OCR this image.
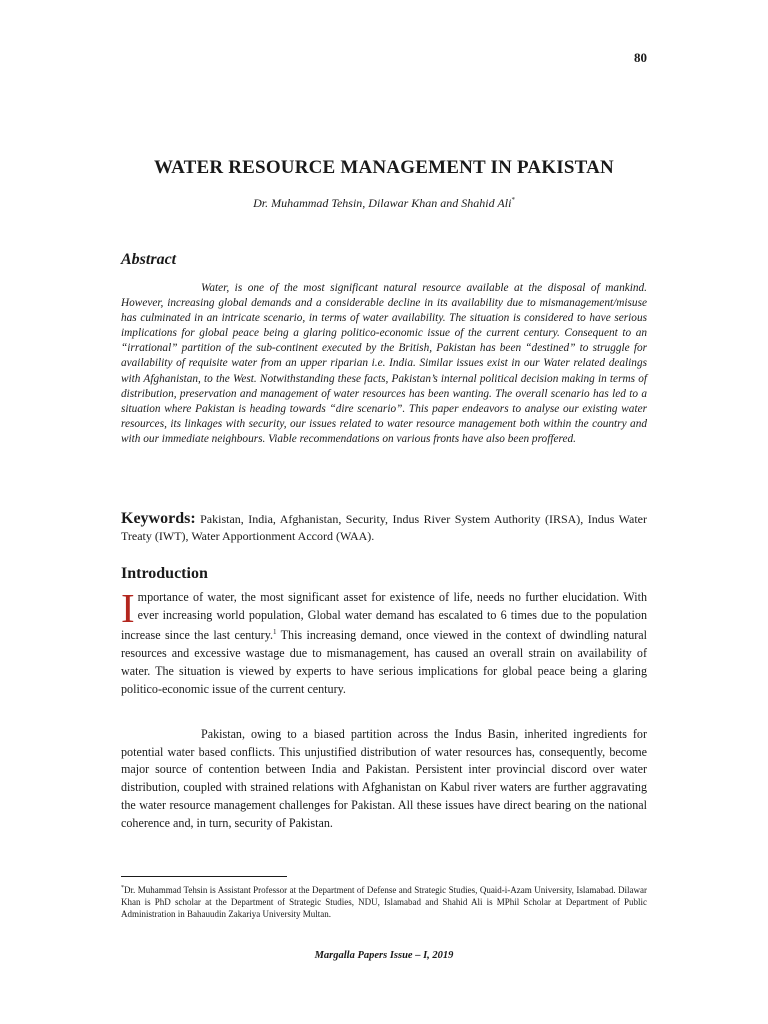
80
WATER RESOURCE MANAGEMENT IN PAKISTAN
Dr. Muhammad Tehsin, Dilawar Khan and Shahid Ali*
Abstract

Water, is one of the most significant natural resource available at the disposal of mankind. However, increasing global demands and a considerable decline in its availability due to mismanagement/misuse has culminated in an intricate scenario, in terms of water availability. The situation is considered to have serious implications for global peace being a glaring politico-economic issue of the current century. Consequent to an “irrational” partition of the sub-continent executed by the British, Pakistan has been “destined” to struggle for availability of requisite water from an upper riparian i.e. India. Similar issues exist in our Water related dealings with Afghanistan, to the West. Notwithstanding these facts, Pakistan’s internal political decision making in terms of distribution, preservation and management of water resources has been wanting. The overall scenario has led to a situation where Pakistan is heading towards “dire scenario”. This paper endeavors to analyse our existing water resources, its linkages with security, our issues related to water resource management both within the country and with our immediate neighbours. Viable recommendations on various fronts have also been proffered.

Keywords: Pakistan, India, Afghanistan, Security, Indus River System Authority (IRSA), Indus Water Treaty (IWT), Water Apportionment Accord (WAA).

Introduction

Importance of water, the most significant asset for existence of life, needs no further elucidation. With ever increasing world population, Global water demand has escalated to 6 times due to the population increase since the last century.$^1$ This increasing demand, once viewed in the context of dwindling natural resources and excessive wastage due to mismanagement, has caused an overall strain on availability of water. The situation is viewed by experts to have serious implications for global peace being a glaring politico-economic issue of the current century.

Pakistan, owing to a biased partition across the Indus Basin, inherited ingredients for potential water based conflicts. This unjustified distribution of water resources has, consequently, become major source of contention between India and Pakistan. Persistent inter provincial discord over water distribution, coupled with strained relations with Afghanistan on Kabul river waters are further aggravating the water resource management challenges for Pakistan. All these issues have direct bearing on the national coherence and, in turn, security of Pakistan.

*Dr. Muhammad Tehsin is Assistant Professor at the Department of Defense and Strategic Studies, Quaid-i-Azam University, Islamabad. Dilawar Khan is PhD scholar at the Department of Strategic Studies, NDU, Islamabad and Shahid Ali is MPhil Scholar at Department of Public Administration in Bahauudin Zakariya University Multan.

Margalla Papers Issue – I, 2019
